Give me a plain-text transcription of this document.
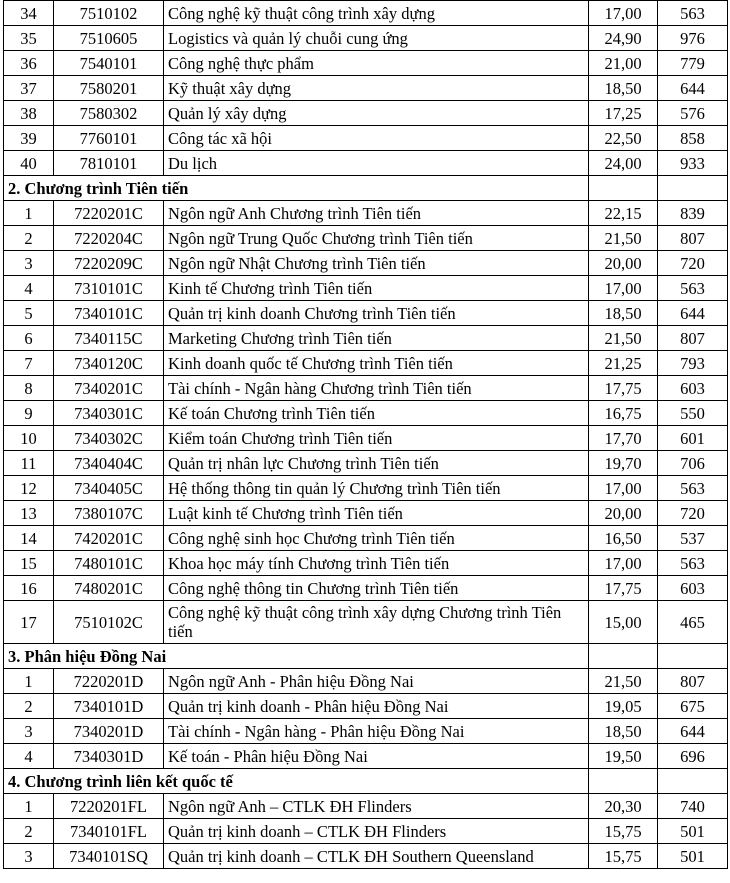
34	7510102	Công nghệ kỹ thuật công trình xây dựng	17,00	563
35	7510605	Logistics và quản lý chuỗi cung ứng	24,90	976
36	7540101	Công nghệ thực phẩm	21,00	779
37	7580201	Kỹ thuật xây dựng	18,50	644
38	7580302	Quản lý xây dựng	17,25	576
39	7760101	Công tác xã hội	22,50	858
40	7810101	Du lịch	24,00	933
2. Chương trình Tiên tiến				
1	7220201C	Ngôn ngữ Anh Chương trình Tiên tiến	22,15	839
2	7220204C	Ngôn ngữ Trung Quốc Chương trình Tiên tiến	21,50	807
3	7220209C	Ngôn ngữ Nhật Chương trình Tiên tiến	20,00	720
4	7310101C	Kinh tế Chương trình Tiên tiến	17,00	563
5	7340101C	Quản trị kinh doanh Chương trình Tiên tiến	18,50	644
6	7340115C	Marketing Chương trình Tiên tiến	21,50	807
7	7340120C	Kinh doanh quốc tế Chương trình Tiên tiến	21,25	793
8	7340201C	Tài chính - Ngân hàng Chương trình Tiên tiến	17,75	603
9	7340301C	Kế toán Chương trình Tiên tiến	16,75	550
10	7340302C	Kiểm toán Chương trình Tiên tiến	17,70	601
11	7340404C	Quản trị nhân lực Chương trình Tiên tiến	19,70	706
12	7340405C	Hệ thống thông tin quản lý Chương trình Tiên tiến	17,00	563
13	7380107C	Luật kinh tế Chương trình Tiên tiến	20,00	720
14	7420201C	Công nghệ sinh học Chương trình Tiên tiến	16,50	537
15	7480101C	Khoa học máy tính Chương trình Tiên tiến	17,00	563
16	7480201C	Công nghệ thông tin Chương trình Tiên tiến	17,75	603
17	7510102C	Công nghệ kỹ thuật công trình xây dựng Chương trình Tiên tiến	15,00	465
3. Phân hiệu Đồng Nai				
1	7220201D	Ngôn ngữ Anh - Phân hiệu Đồng Nai	21,50	807
2	7340101D	Quản trị kinh doanh - Phân hiệu Đồng Nai	19,05	675
3	7340201D	Tài chính - Ngân hàng - Phân hiệu Đồng Nai	18,50	644
4	7340301D	Kế toán - Phân hiệu Đồng Nai	19,50	696
4. Chương trình liên kết quốc tế				
1	7220201FL	Ngôn ngữ Anh – CTLK ĐH Flinders	20,30	740
2	7340101FL	Quản trị kinh doanh – CTLK ĐH Flinders	15,75	501
3	7340101SQ	Quản trị kinh doanh – CTLK ĐH Southern Queensland	15,75	501
